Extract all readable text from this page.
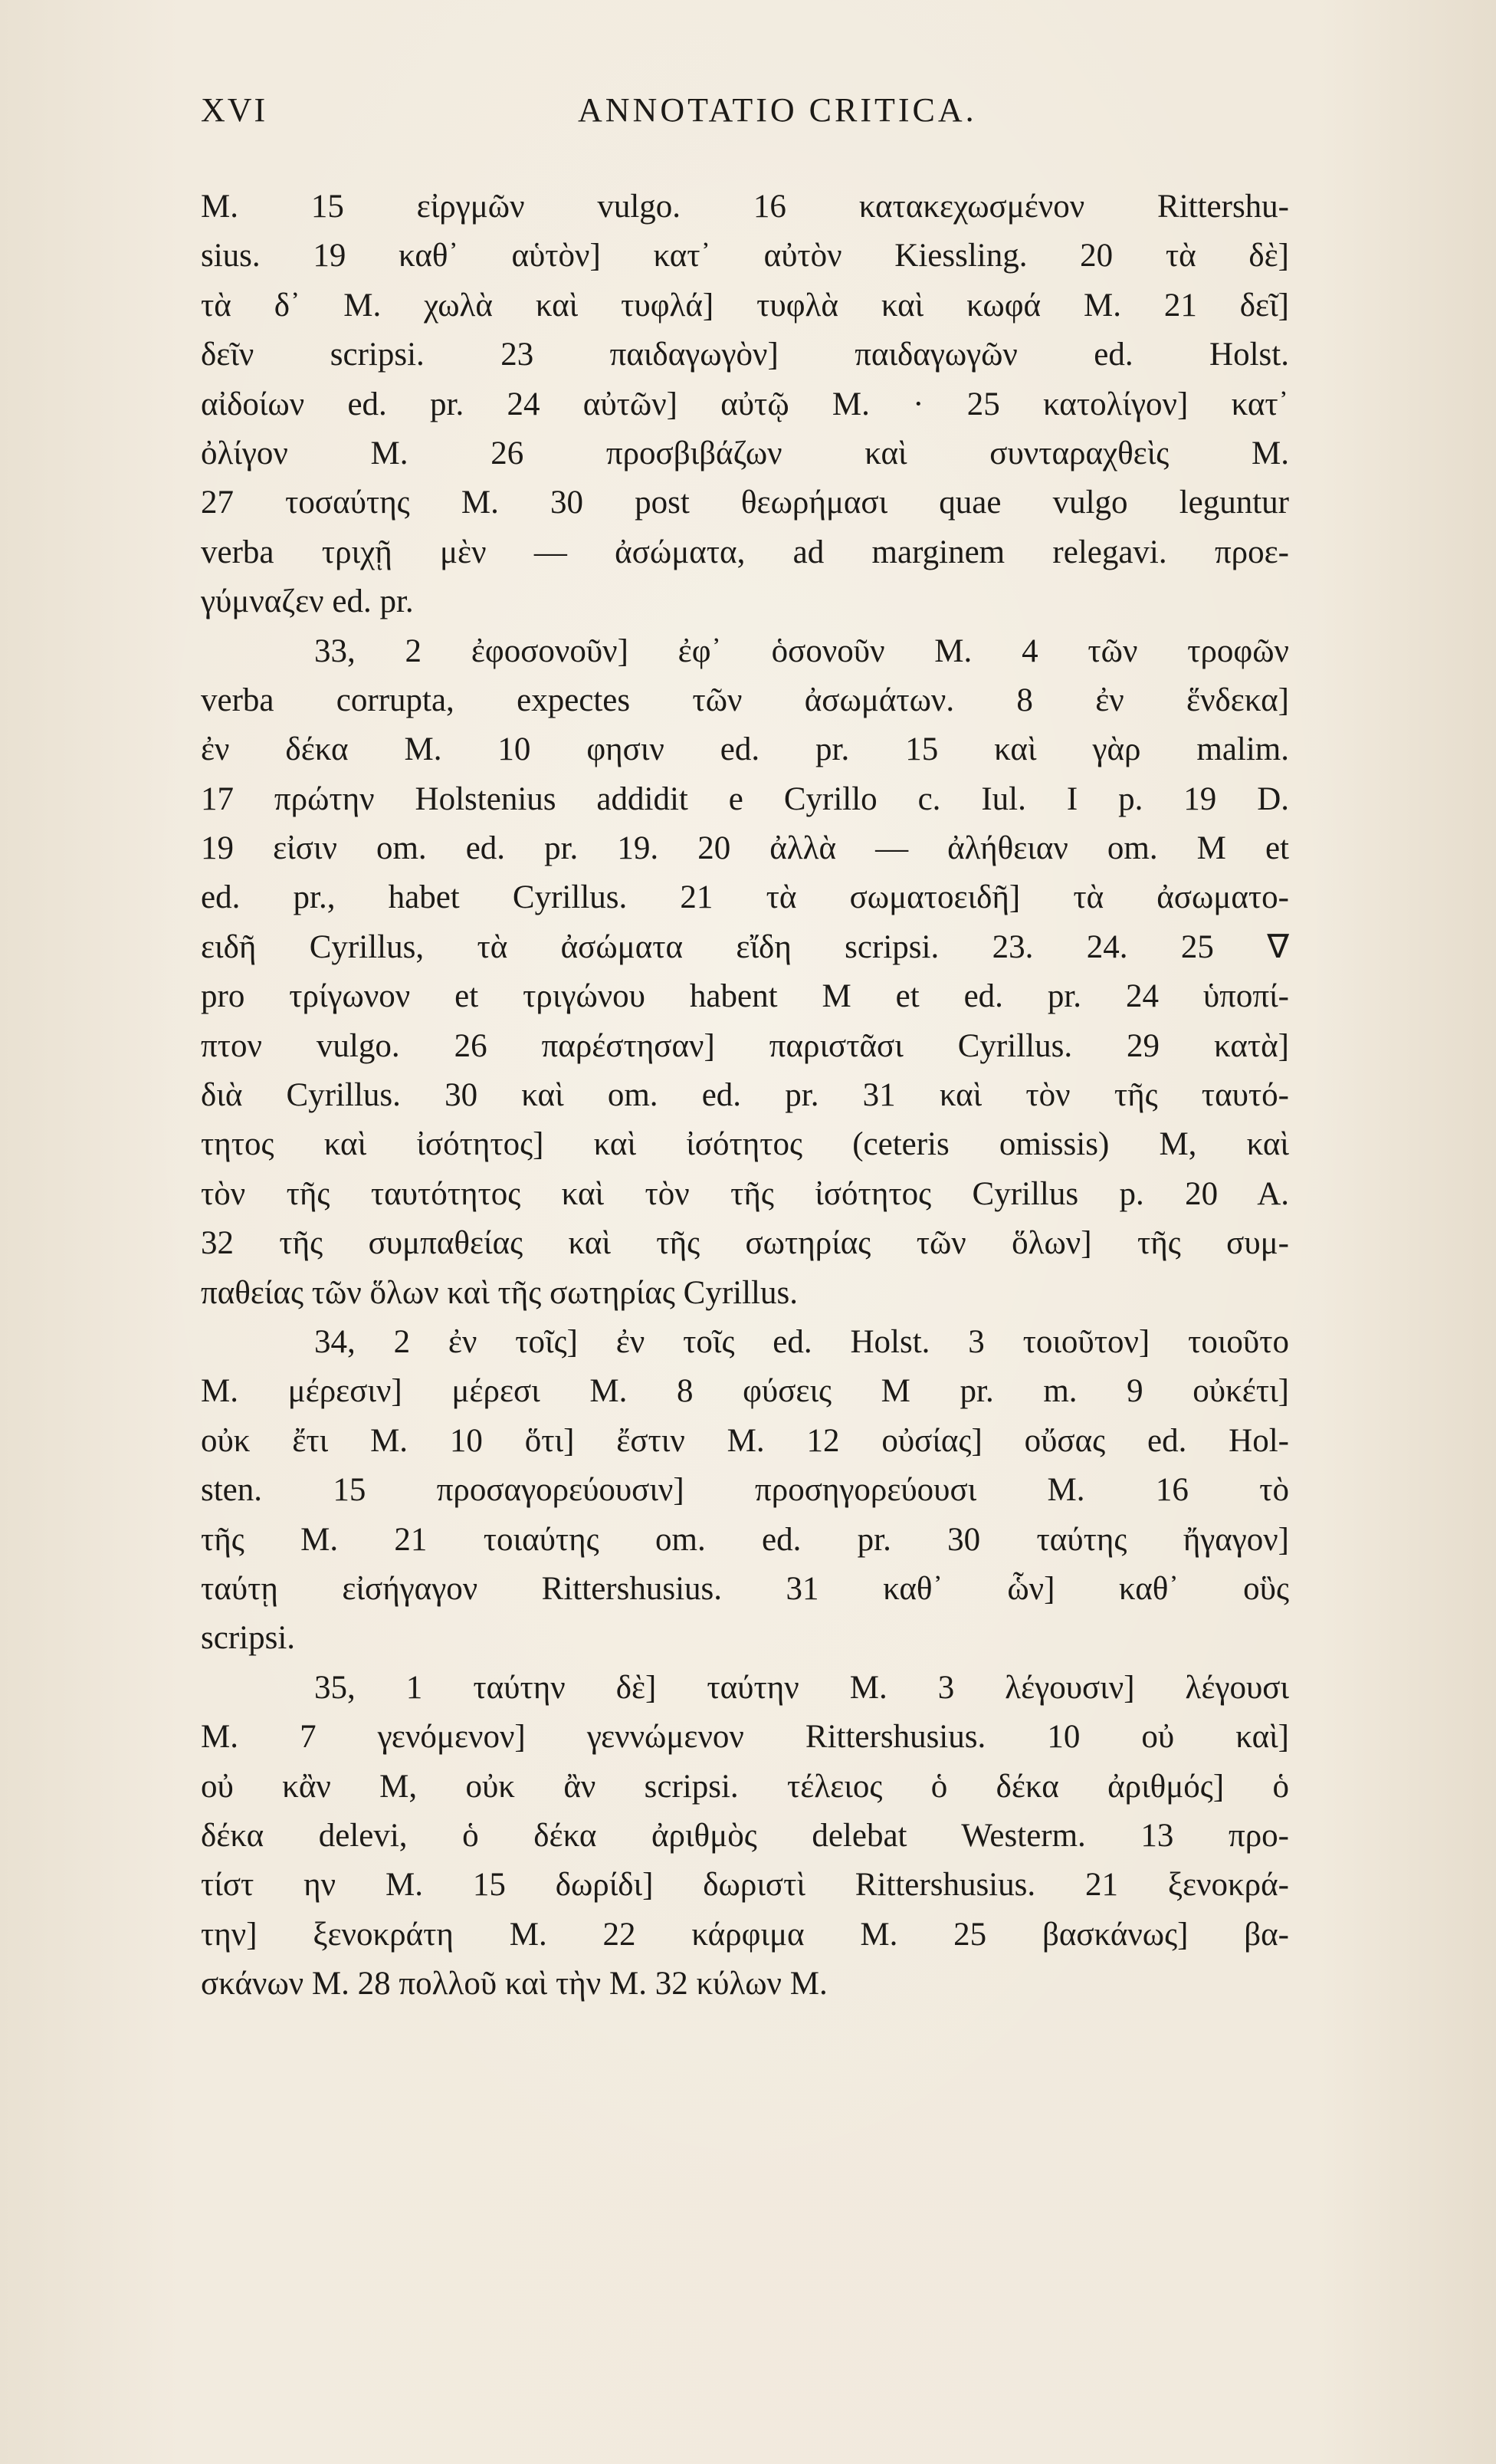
XVI	ANNOTATIO CRITICA.
M. 15 εἰργμῶν vulgo. 16 κατακεχωσμένον Rittershu-
sius. 19 καθ᾽ αὑτὸν] κατ᾽ αὐτὸν Kiessling. 20 τὰ δὲ]
τὰ δ᾽ M. χωλὰ καὶ τυφλά] τυφλὰ καὶ κωφά M. 21 δεῖ]
δεῖν scripsi. 23 παιδαγωγὸν] παιδαγωγῶν ed. Holst.
αἰδοίων ed. pr. 24 αὐτῶν] αὐτῷ M. · 25 κατολίγον] κατ᾽
ὀλίγον M. 26 προσβιβάζων καὶ συνταραχθεὶς M.
27 τοσαύτης M. 30 post θεωρήμασι quae vulgo leguntur
verba τριχῇ μὲν — ἀσώματα, ad marginem relegavi. προε-
γύμναζεν ed. pr.
33, 2 ἐφοσονοῦν] ἐφ᾽ ὁσονοῦν M. 4 τῶν τροφῶν
verba corrupta, expectes τῶν ἀσωμάτων. 8 ἐν ἕνδεκα]
ἐν δέκα M. 10 φησιν ed. pr. 15 καὶ γὰρ malim.
17 πρώτην Holstenius addidit e Cyrillo c. Iul. I p. 19 D.
19 εἰσιν om. ed. pr. 19. 20 ἀλλὰ — ἀλήθειαν om. M et
ed. pr., habet Cyrillus. 21 τὰ σωματοειδῆ] τὰ ἀσωματο-
ειδῆ Cyrillus, τὰ ἀσώματα εἴδη scripsi. 23. 24. 25 ∇
pro τρίγωνον et τριγώνου habent M et ed. pr. 24 ὑποπί-
πτον vulgo. 26 παρέστησαν] παριστᾶσι Cyrillus. 29 κατὰ]
διὰ Cyrillus. 30 καὶ om. ed. pr. 31 καὶ τὸν τῆς ταυτό-
τητος καὶ ἰσότητος] καὶ ἰσότητος (ceteris omissis) M, καὶ
τὸν τῆς ταυτότητος καὶ τὸν τῆς ἰσότητος Cyrillus p. 20 A.
32 τῆς συμπαθείας καὶ τῆς σωτηρίας τῶν ὅλων] τῆς συμ-
παθείας τῶν ὅλων καὶ τῆς σωτηρίας Cyrillus.
34, 2 ἐν τοῖς] ἐν τοῖς ed. Holst. 3 τοιοῦτον] τοιοῦτο
M. μέρεσιν] μέρεσι M. 8 φύσεις M pr. m. 9 οὐκέτι]
οὐκ ἔτι M. 10 ὅτι] ἔστιν M. 12 οὐσίας] οὔσας ed. Hol-
sten. 15 προσαγορεύουσιν] προσηγορεύουσι M. 16 τὸ
τῆς M. 21 τοιαύτης om. ed. pr. 30 ταύτης ἤγαγον]
ταύτῃ εἰσήγαγον Rittershusius. 31 καθ᾽ ὧν] καθ᾽ οὓς
scripsi.
35, 1 ταύτην δὲ] ταύτην M. 3 λέγουσιν] λέγουσι
M. 7 γενόμενον] γεννώμενον Rittershusius. 10 οὐ καὶ]
οὐ κἂν M, οὐκ ἂν scripsi. τέλειος ὁ δέκα ἀριθμός] ὁ
δέκα delevi, ὁ δέκα ἀριθμὸς delebat Westerm. 13 προ-
τίστ ην M. 15 δωρίδι] δωριστὶ Rittershusius. 21 ξενοκρά-
την] ξενοκράτη M. 22 κάρφιμα M. 25 βασκάνως] βα-
σκάνων M. 28 πολλοῦ καὶ τὴν M. 32 κύλων M.
